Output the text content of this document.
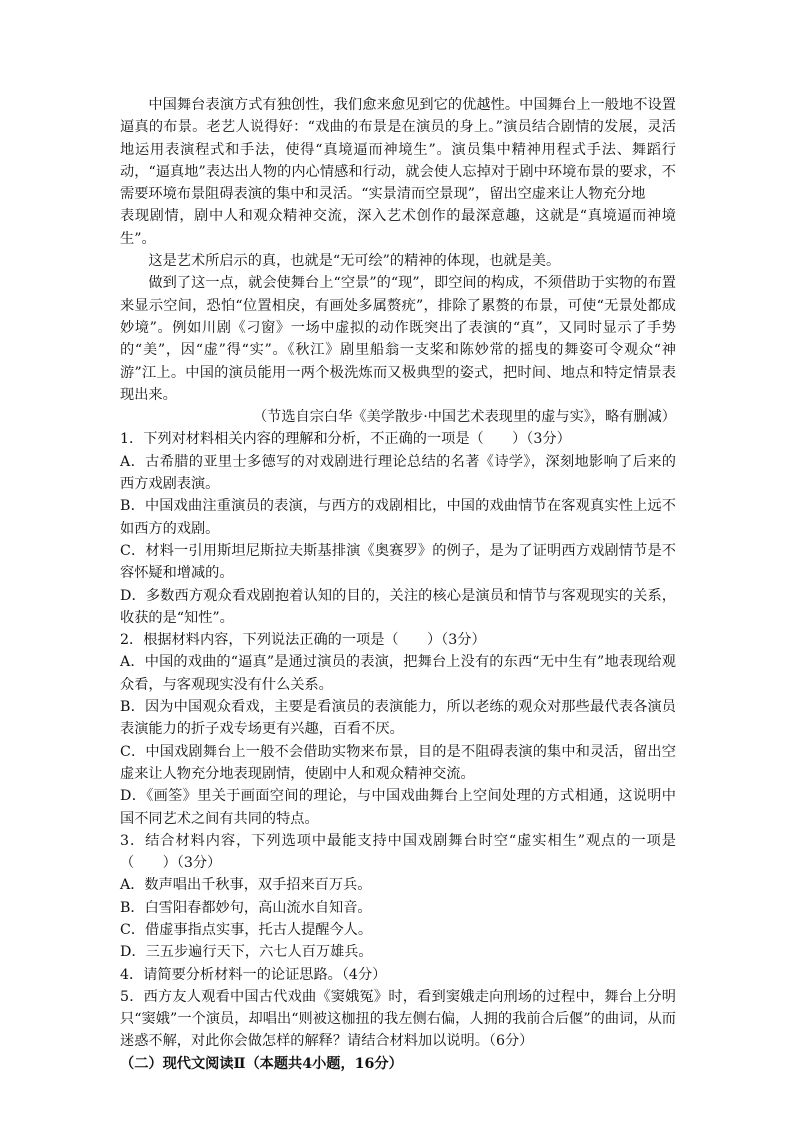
中国舞台表演方式有独创性，我们愈来愈见到它的优越性。中国舞台上一般地不设置逼真的布景。老艺人说得好：“戏曲的布景是在演员的身上。”演员结合剧情的发展，灵活地运用表演程式和手法，使得“真境逼而神境生”。演员集中精神用程式手法、舞蹈行动，“逼真地”表达出人物的内心情感和行动，就会使人忘掉对于剧中环境布景的要求，不需要环境布景阻碍表演的集中和灵活。“实景清而空景现”，留出空虚来让人物充分地

表现剧情，剧中人和观众精神交流，深入艺术创作的最深意趣，这就是“真境逼而神境生”。

这是艺术所启示的真，也就是“无可绘”的精神的体现，也就是美。

做到了这一点，就会使舞台上“空景”的“现”，即空间的构成，不须借助于实物的布置来显示空间，恐怕“位置相戾，有画处多属赘疣”，排除了累赘的布景，可使“无景处都成妙境”。例如川剧《刁窗》一场中虚拟的动作既突出了表演的“真”，又同时显示了手势的“美”，因“虚”得“实”。《秋江》剧里船翁一支桨和陈妙常的摇曳的舞姿可令观众“神游”江上。中国的演员能用一两个极洗炼而又极典型的姿式，把时间、地点和特定情景表现出来。

（节选自宗白华《美学散步·中国艺术表现里的虚与实》，略有删减）

1．下列对材料相关内容的理解和分析，不正确的一项是（　　）（3分）

A．古希腊的亚里士多德写的对戏剧进行理论总结的名著《诗学》，深刻地影响了后来的西方戏剧表演。

B．中国戏曲注重演员的表演，与西方的戏剧相比，中国的戏曲情节在客观真实性上远不如西方的戏剧。

C．材料一引用斯坦尼斯拉夫斯基排演《奥赛罗》的例子，是为了证明西方戏剧情节是不容怀疑和增减的。

D．多数西方观众看戏剧抱着认知的目的，关注的核心是演员和情节与客观现实的关系，收获的是“知性”。

2．根据材料内容，下列说法正确的一项是（　　）（3分）

A．中国的戏曲的“逼真”是通过演员的表演，把舞台上没有的东西“无中生有”地表现给观众看，与客观现实没有什么关系。

B．因为中国观众看戏，主要是看演员的表演能力，所以老练的观众对那些最代表各演员表演能力的折子戏专场更有兴趣，百看不厌。

C．中国戏剧舞台上一般不会借助实物来布景，目的是不阻碍表演的集中和灵活，留出空虚来让人物充分地表现剧情，使剧中人和观众精神交流。

D．《画筌》里关于画面空间的理论，与中国戏曲舞台上空间处理的方式相通，这说明中国不同艺术之间有共同的特点。

3．结合材料内容，下列选项中最能支持中国戏剧舞台时空“虚实相生”观点的一项是（　　）（3分）

A．数声唱出千秋事，双手招来百万兵。

B．白雪阳春都妙句，高山流水自知音。

C．借虚事指点实事，托古人提醒今人。

D．三五步遍行天下，六七人百万雄兵。

4．请简要分析材料一的论证思路。（4分）

5．西方友人观看中国古代戏曲《窦娥冤》时，看到窦娥走向刑场的过程中，舞台上分明只“窦娥”一个演员，却唱出“则被这枷扭的我左侧右偏，人拥的我前合后偃”的曲词，从而迷惑不解，对此你会做怎样的解释？请结合材料加以说明。（6分）

（二）现代文阅读Ⅱ（本题共4小题，16分）
